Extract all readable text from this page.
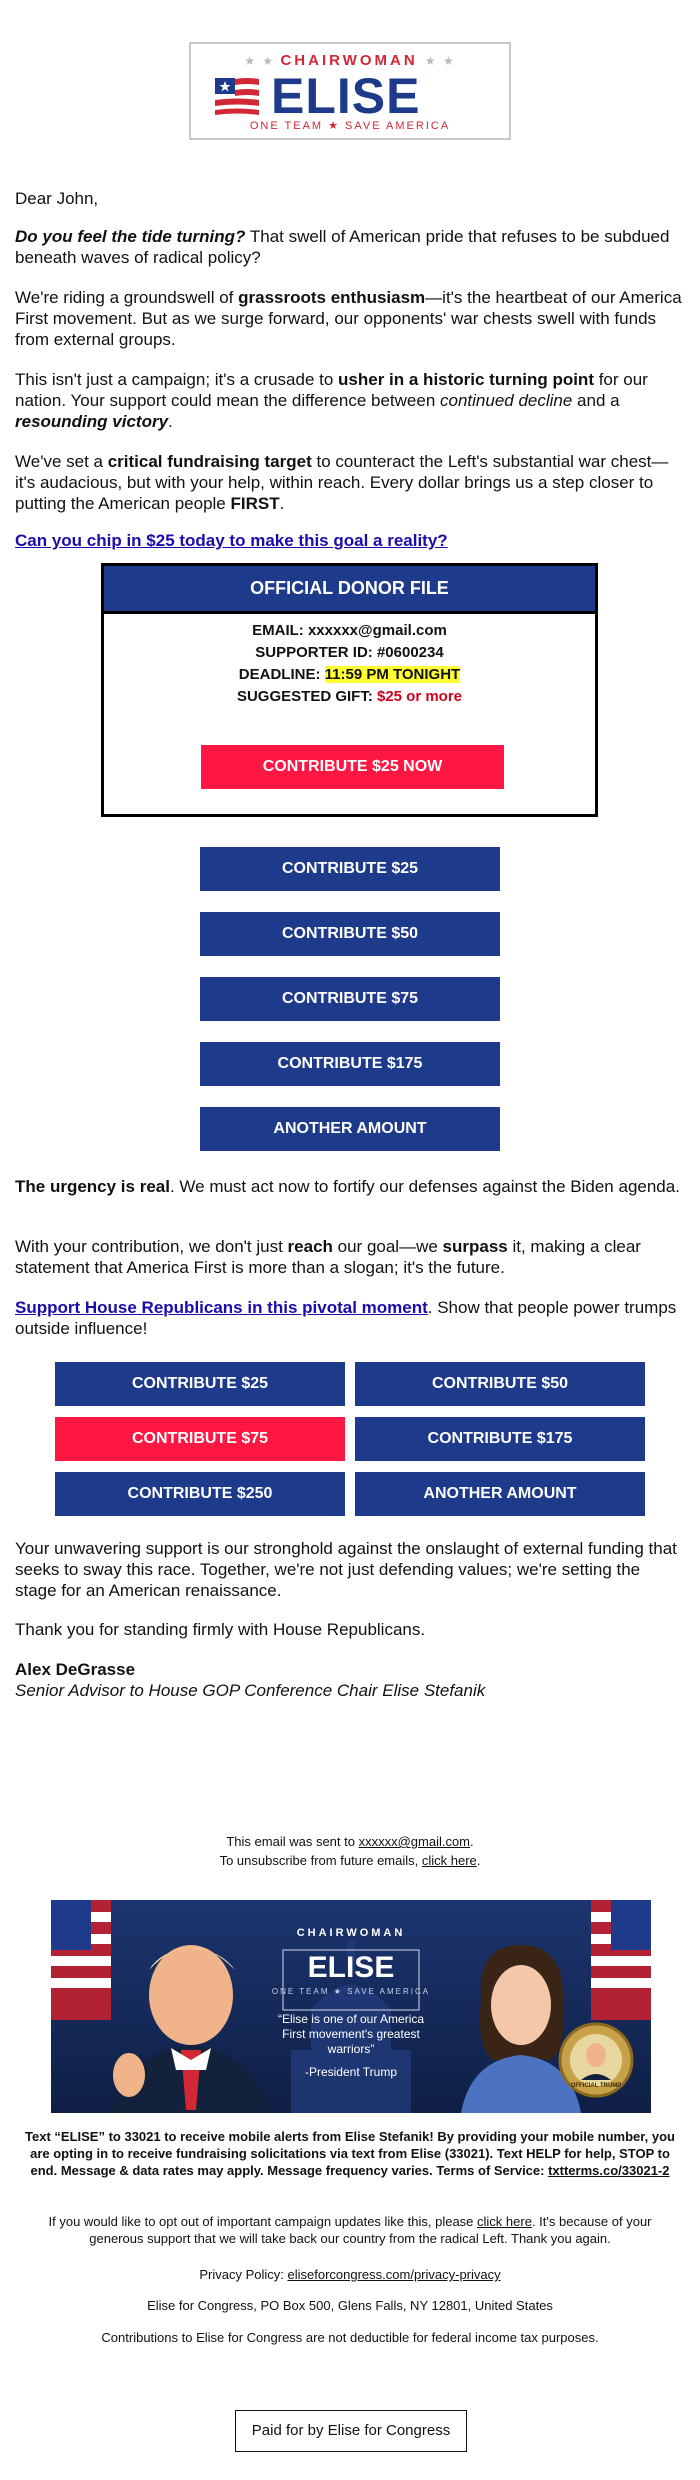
★ ★ CHAIRWOMAN ★ ★
ELISE
ONE TEAM ★ SAVE AMERICA

Dear John,

Do you feel the tide turning? That swell of American pride that refuses to be subdued beneath waves of radical policy?

We're riding a groundswell of grassroots enthusiasm—it's the heartbeat of our America First movement. But as we surge forward, our opponents' war chests swell with funds from external groups.

This isn't just a campaign; it's a crusade to usher in a historic turning point for our nation. Your support could mean the difference between continued decline and a resounding victory.

We've set a critical fundraising target to counteract the Left's substantial war chest—it's audacious, but with your help, within reach. Every dollar brings us a step closer to putting the American people FIRST.

Can you chip in $25 today to make this goal a reality?

OFFICIAL DONOR FILE
EMAIL: xxxxxx@gmail.com
SUPPORTER ID: #0600234
DEADLINE: 11:59 PM TONIGHT
SUGGESTED GIFT: $25 or more
CONTRIBUTE $25 NOW
CONTRIBUTE $25
CONTRIBUTE $50
CONTRIBUTE $75
CONTRIBUTE $175
ANOTHER AMOUNT

The urgency is real. We must act now to fortify our defenses against the Biden agenda.

With your contribution, we don't just reach our goal—we surpass it, making a clear statement that America First is more than a slogan; it's the future.

Support House Republicans in this pivotal moment. Show that people power trumps outside influence!

CONTRIBUTE $25	CONTRIBUTE $50
CONTRIBUTE $75	CONTRIBUTE $175
CONTRIBUTE $250	ANOTHER AMOUNT

Your unwavering support is our stronghold against the onslaught of external funding that seeks to sway this race. Together, we're not just defending values; we're setting the stage for an American renaissance.

Thank you for standing firmly with House Republicans.

Alex DeGrasse

Senior Advisor to House GOP Conference Chair Elise Stefanik

This email was sent to xxxxxx@gmail.com.
To unsubscribe from future emails, click here.
CHAIRWOMAN
ELISE
ONE TEAM ★ SAVE AMERICA
“Elise is one of our America First movement's greatest warriors”
-President Trump
OFFICIAL TRUMP
Text “ELISE” to 33021 to receive mobile alerts from Elise Stefanik! By providing your mobile number, you are opting in to receive fundraising solicitations via text from Elise (33021). Text HELP for help, STOP to end. Message & data rates may apply. Message frequency varies. Terms of Service: txtterms.co/33021-2
If you would like to opt out of important campaign updates like this, please click here. It's because of your generous support that we will take back our country from the radical Left. Thank you again.
Privacy Policy: eliseforcongress.com/privacy-privacy
Elise for Congress, PO Box 500, Glens Falls, NY 12801, United States
Contributions to Elise for Congress are not deductible for federal income tax purposes.
Paid for by Elise for Congress
